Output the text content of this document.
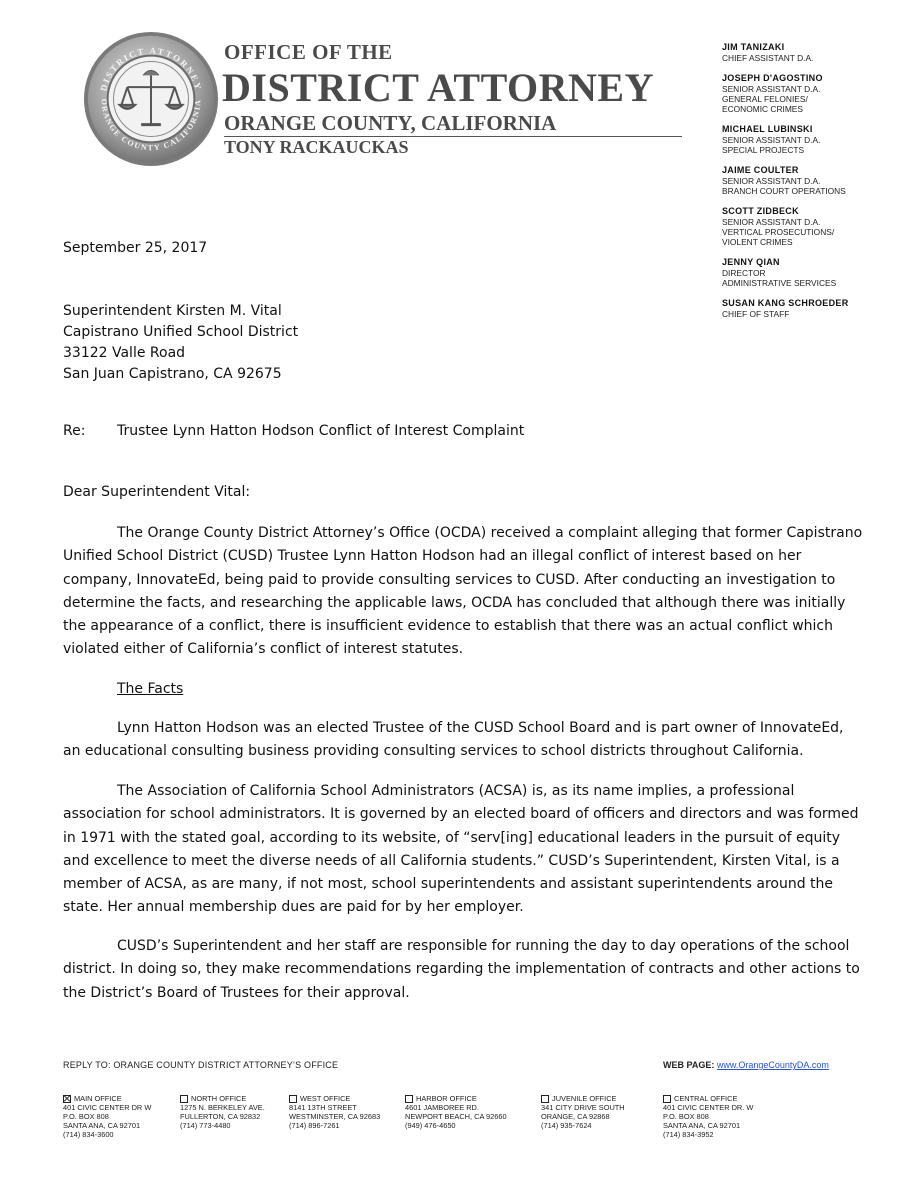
DISTRICT ATTORNEY
ORANGE COUNTY CALIFORNIA
OFFICE OF THE
DISTRICT ATTORNEY
ORANGE COUNTY, CALIFORNIA
TONY RACKAUCKAS
JIM TANIZAKI
CHIEF ASSISTANT D.A.
JOSEPH D'AGOSTINO
SENIOR ASSISTANT D.A.
GENERAL FELONIES/
ECONOMIC CRIMES
MICHAEL LUBINSKI
SENIOR ASSISTANT D.A.
SPECIAL PROJECTS
JAIME COULTER
SENIOR ASSISTANT D.A.
BRANCH COURT OPERATIONS
SCOTT ZIDBECK
SENIOR ASSISTANT D.A.
VERTICAL PROSECUTIONS/
VIOLENT CRIMES
JENNY QIAN
DIRECTOR
ADMINISTRATIVE SERVICES
SUSAN KANG SCHROEDER
CHIEF OF STAFF
September 25, 2017
Superintendent Kirsten M. Vital
Capistrano Unified School District
33122 Valle Road
San Juan Capistrano, CA 92675
Re: Trustee Lynn Hatton Hodson Conflict of Interest Complaint
Dear Superintendent Vital:

The Orange County District Attorney’s Office (OCDA) received a complaint alleging that former Capistrano Unified School District (CUSD) Trustee Lynn Hatton Hodson had an illegal conflict of interest based on her company, InnovateEd, being paid to provide consulting services to CUSD. After conducting an investigation to determine the facts, and researching the applicable laws, OCDA has concluded that although there was initially the appearance of a conflict, there is insufficient evidence to establish that there was an actual conflict which violated either of California’s conflict of interest statutes.

The Facts

Lynn Hatton Hodson was an elected Trustee of the CUSD School Board and is part owner of InnovateEd, an educational consulting business providing consulting services to school districts throughout California.

The Association of California School Administrators (ACSA) is, as its name implies, a professional association for school administrators. It is governed by an elected board of officers and directors and was formed in 1971 with the stated goal, according to its website, of “serv[ing] educational leaders in the pursuit of equity and excellence to meet the diverse needs of all California students.” CUSD’s Superintendent, Kirsten Vital, is a member of ACSA, as are many, if not most, school superintendents and assistant superintendents around the state. Her annual membership dues are paid for by her employer.

CUSD’s Superintendent and her staff are responsible for running the day to day operations of the school district. In doing so, they make recommendations regarding the implementation of contracts and other actions to the District’s Board of Trustees for their approval.

REPLY TO: ORANGE COUNTY DISTRICT ATTORNEY’S OFFICE	WEB PAGE: www.OrangeCountyDA.com
MAIN OFFICE
401 CIVIC CENTER DR W
P.O. BOX 808
SANTA ANA, CA 92701
(714) 834-3600
NORTH OFFICE
1275 N. BERKELEY AVE.
FULLERTON, CA 92832
(714) 773-4480
WEST OFFICE
8141 13TH STREET
WESTMINSTER, CA 92683
(714) 896-7261
HARBOR OFFICE
4601 JAMBOREE RD.
NEWPORT BEACH, CA 92660
(949) 476-4650
JUVENILE OFFICE
341 CITY DRIVE SOUTH
ORANGE, CA 92868
(714) 935-7624
CENTRAL OFFICE
401 CIVIC CENTER DR. W
P.O. BOX 808
SANTA ANA, CA 92701
(714) 834-3952
